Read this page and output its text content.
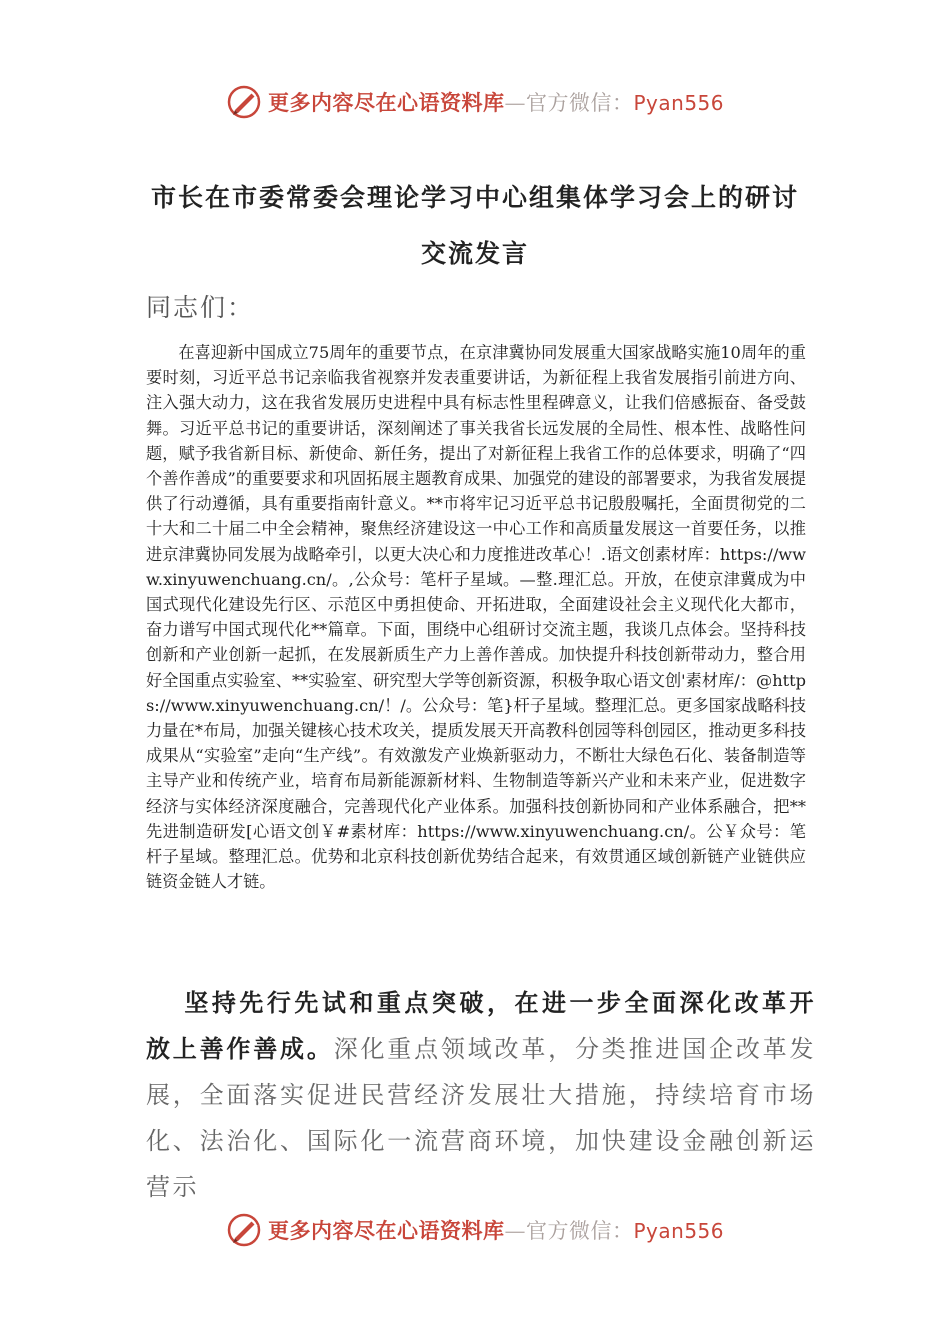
更多内容尽在心语资料库—官方微信：Pyan556
市长在市委常委会理论学习中心组集体学习会上的研讨交流发言
同志们：

在喜迎新中国成立75周年的重要节点，在京津冀协同发展重大国家战略实施10周年的重要时刻，习近平总书记亲临我省视察并发表重要讲话，为新征程上我省发展指引前进方向、注入强大动力，这在我省发展历史进程中具有标志性里程碑意义，让我们倍感振奋、备受鼓舞。习近平总书记的重要讲话，深刻阐述了事关我省长远发展的全局性、根本性、战略性问题，赋予我省新目标、新使命、新任务，提出了对新征程上我省工作的总体要求，明确了“四个善作善成”的重要要求和巩固拓展主题教育成果、加强党的建设的部署要求，为我省发展提供了行动遵循，具有重要指南针意义。**市将牢记习近平总书记殷殷嘱托，全面贯彻党的二十大和二十届二中全会精神，聚焦经济建设这一中心工作和高质量发展这一首要任务，以推进京津冀协同发展为战略牵引，以更大决心和力度推进改革心！.语文创素材库：https://www.xinyuwenchuang.cn/。,公众号：笔杆子星域。—整.理汇总。开放，在使京津冀成为中国式现代化建设先行区、示范区中勇担使命、开拓进取，全面建设社会主义现代化大都市，奋力谱写中国式现代化**篇章。下面，围绕中心组研讨交流主题，我谈几点体会。坚持科技创新和产业创新一起抓，在发展新质生产力上善作善成。加快提升科技创新带动力，整合用好全国重点实验室、**实验室、研究型大学等创新资源，积极争取心语文创'素材库/：@https://www.xinyuwenchuang.cn/！/。公众号：笔}杆子星域。整理汇总。更多国家战略科技力量在*布局，加强关键核心技术攻关，提质发展天开高教科创园等科创园区，推动更多科技成果从“实验室”走向“生产线”。有效激发产业焕新驱动力，不断壮大绿色石化、装备制造等主导产业和传统产业，培育布局新能源新材料、生物制造等新兴产业和未来产业，促进数字经济与实体经济深度融合，完善现代化产业体系。加强科技创新协同和产业体系融合，把**先进制造研发[心语文创￥#素材库：https://www.xinyuwenchuang.cn/。公￥众号：笔杆子星域。整理汇总。优势和北京科技创新优势结合起来，有效贯通区域创新链产业链供应链资金链人才链。

坚持先行先试和重点突破，在进一步全面深化改革开放上善作善成。深化重点领域改革，分类推进国企改革发展，全面落实促进民营经济发展壮大措施，持续培育市场化、法治化、国际化一流营商环境，加快建设金融创新运营示

更多内容尽在心语资料库—官方微信：Pyan556
